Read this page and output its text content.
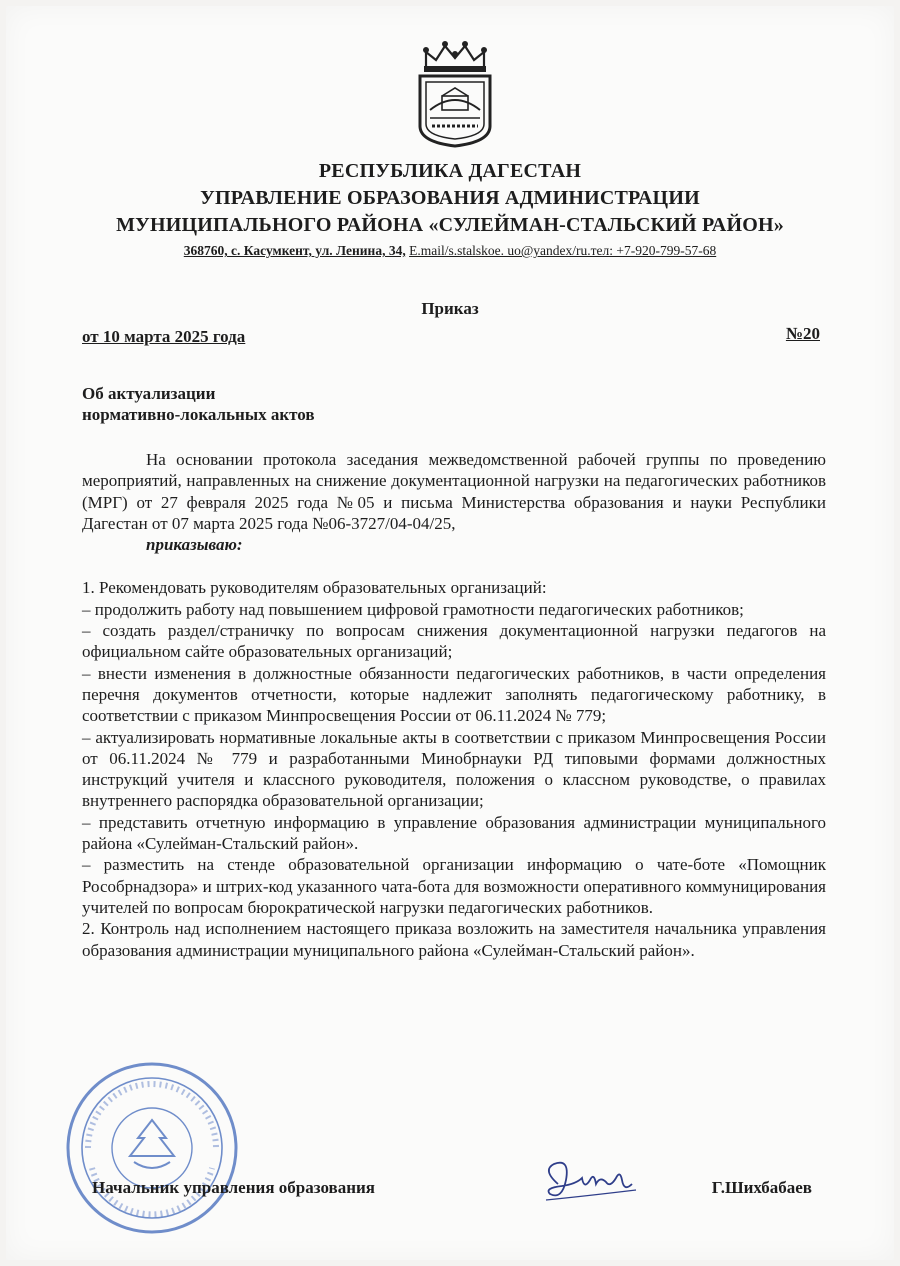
РЕСПУБЛИКА ДАГЕСТАН
УПРАВЛЕНИЕ ОБРАЗОВАНИЯ АДМИНИСТРАЦИИ
МУНИЦИПАЛЬНОГО РАЙОНА «СУЛЕЙМАН-СТАЛЬСКИЙ РАЙОН»
368760, с. Касумкент, ул. Ленина, 34, E.mail/s.stalskoe. uo@yandex/ru.тел: +7-920-799-57-68
Приказ
от 10 марта 2025 года	№20
Об актуализации
нормативно-локальных актов

На основании протокола заседания межведомственной рабочей группы по проведению мероприятий, направленных на снижение документационной нагрузки на педагогических работников (МРГ) от 27 февраля 2025 года №05 и письма Министерства образования и науки Республики Дагестан от 07 марта 2025 года №06-3727/04-04/25,

приказываю:

1. Рекомендовать руководителям образовательных организаций:

– продолжить работу над повышением цифровой грамотности педагогических работников;

– создать раздел/страничку по вопросам снижения документационной нагрузки педагогов на официальном сайте образовательных организаций;

– внести изменения в должностные обязанности педагогических работников, в части определения перечня документов отчетности, которые надлежит заполнять педагогическому работнику, в соответствии с приказом Минпросвещения России от 06.11.2024 № 779;

– актуализировать нормативные локальные акты в соответствии с приказом Минпросвещения России от 06.11.2024 № 779 и разработанными Минобрнауки РД типовыми формами должностных инструкций учителя и классного руководителя, положения о классном руководстве, о правилах внутреннего распорядка образовательной организации;

– представить отчетную информацию в управление образования администрации муниципального района «Сулейман-Стальский район».

– разместить на стенде образовательной организации информацию о чате-боте «Помощник Рособрнадзора» и штрих-код указанного чата-бота для возможности оперативного коммуницирования учителей по вопросам бюрократической нагрузки педагогических работников.

2. Контроль над исполнением настоящего приказа возложить на заместителя начальника управления образования администрации муниципального района «Сулейман-Стальский район».

Начальник управления образования	Г.Шихбабаев
